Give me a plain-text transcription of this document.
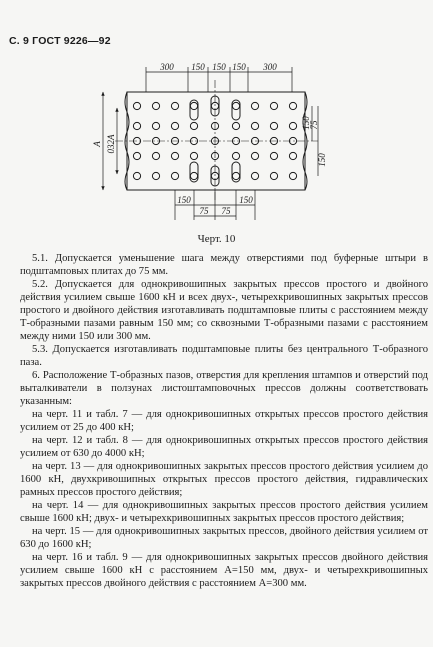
С. 9 ГОСТ 9226—92
300 150 150 150 300
A 032A
150
75
150
150	150
75 75
Черт. 10

5.1. Допускается уменьшение шага между отверстиями под буферные штыри в подштамповых плитах до 75 мм.

5.2. Допускается для однокривошипных закрытых прессов простого и двойного действия усилием свыше 1600 кН и всех двух-, четырехкривошипных закрытых прессов простого и двойного действия изготавливать подштамповые плиты с расстоянием между Т-образными пазами равным 150 мм; со сквозными Т-образными пазами с расстоянием между ними 150 или 300 мм.

5.3. Допускается изготавливать подштамповые плиты без центрального Т-образного паза.

6. Расположение Т-образных пазов, отверстия для крепления штампов и отверстий под выталкиватели в ползунах листоштамповочных прессов должны соответствовать указанным:

на черт. 11 и табл. 7 — для однокривошипных открытых прессов простого действия усилием от 25 до 400 кН;

на черт. 12 и табл. 8 — для однокривошипных открытых прессов простого действия усилием от 630 до 4000 кН;

на черт. 13 — для однокривошипных закрытых прессов простого действия усилием до 1600 кН, двухкривошипных открытых прессов простого действия, гидравлических рамных прессов простого действия;

на черт. 14 — для однокривошипных закрытых прессов простого действия усилием свыше 1600 кН; двух- и четырехкривошипных закрытых прессов простого действия;

на черт. 15 — для однокривошипных закрытых прессов, двойного действия усилием от 630 до 1600 кН;

на черт. 16 и табл. 9 — для однокривошипных закрытых прессов двойного действия усилием свыше 1600 кН с расстоянием A=150 мм, двух- и четырехкривошипных закрытых прессов двойного действия с расстоянием A=300 мм.
